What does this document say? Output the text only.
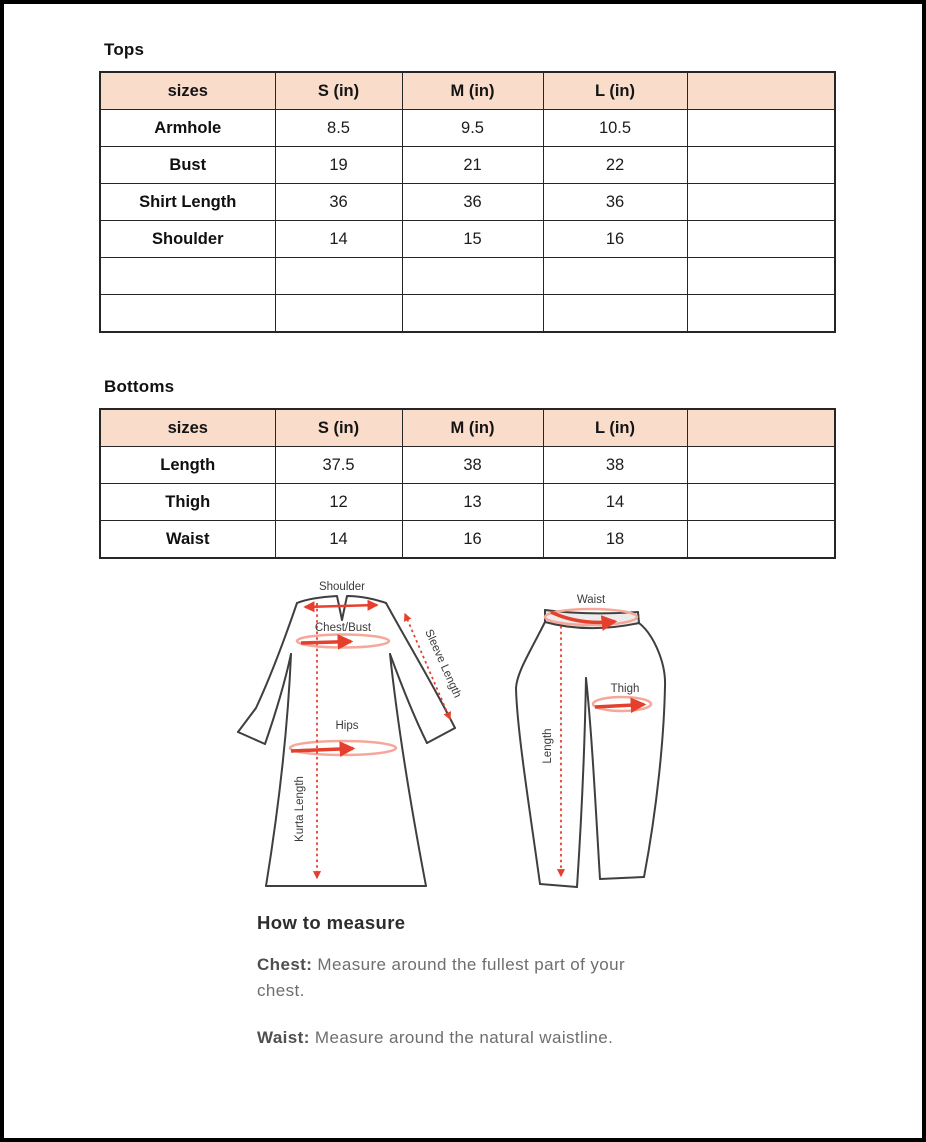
Tops
sizes	S (in)	M (in)	L (in)	
Armhole	8.5	9.5	10.5	
Bust	19	21	22	
Shirt Length	36	36	36	
Shoulder	14	15	16	

Bottoms
sizes	S (in)	M (in)	L (in)	
Length	37.5	38	38	
Thigh	12	13	14	
Waist	14	16	18	
Shoulder
Chest/Bust	Sleeve Length
Hips
Kurta Length
Waist
Thigh
Length
How to measure

Chest: Measure around the fullest part of your chest.

Waist: Measure around the natural waistline.
